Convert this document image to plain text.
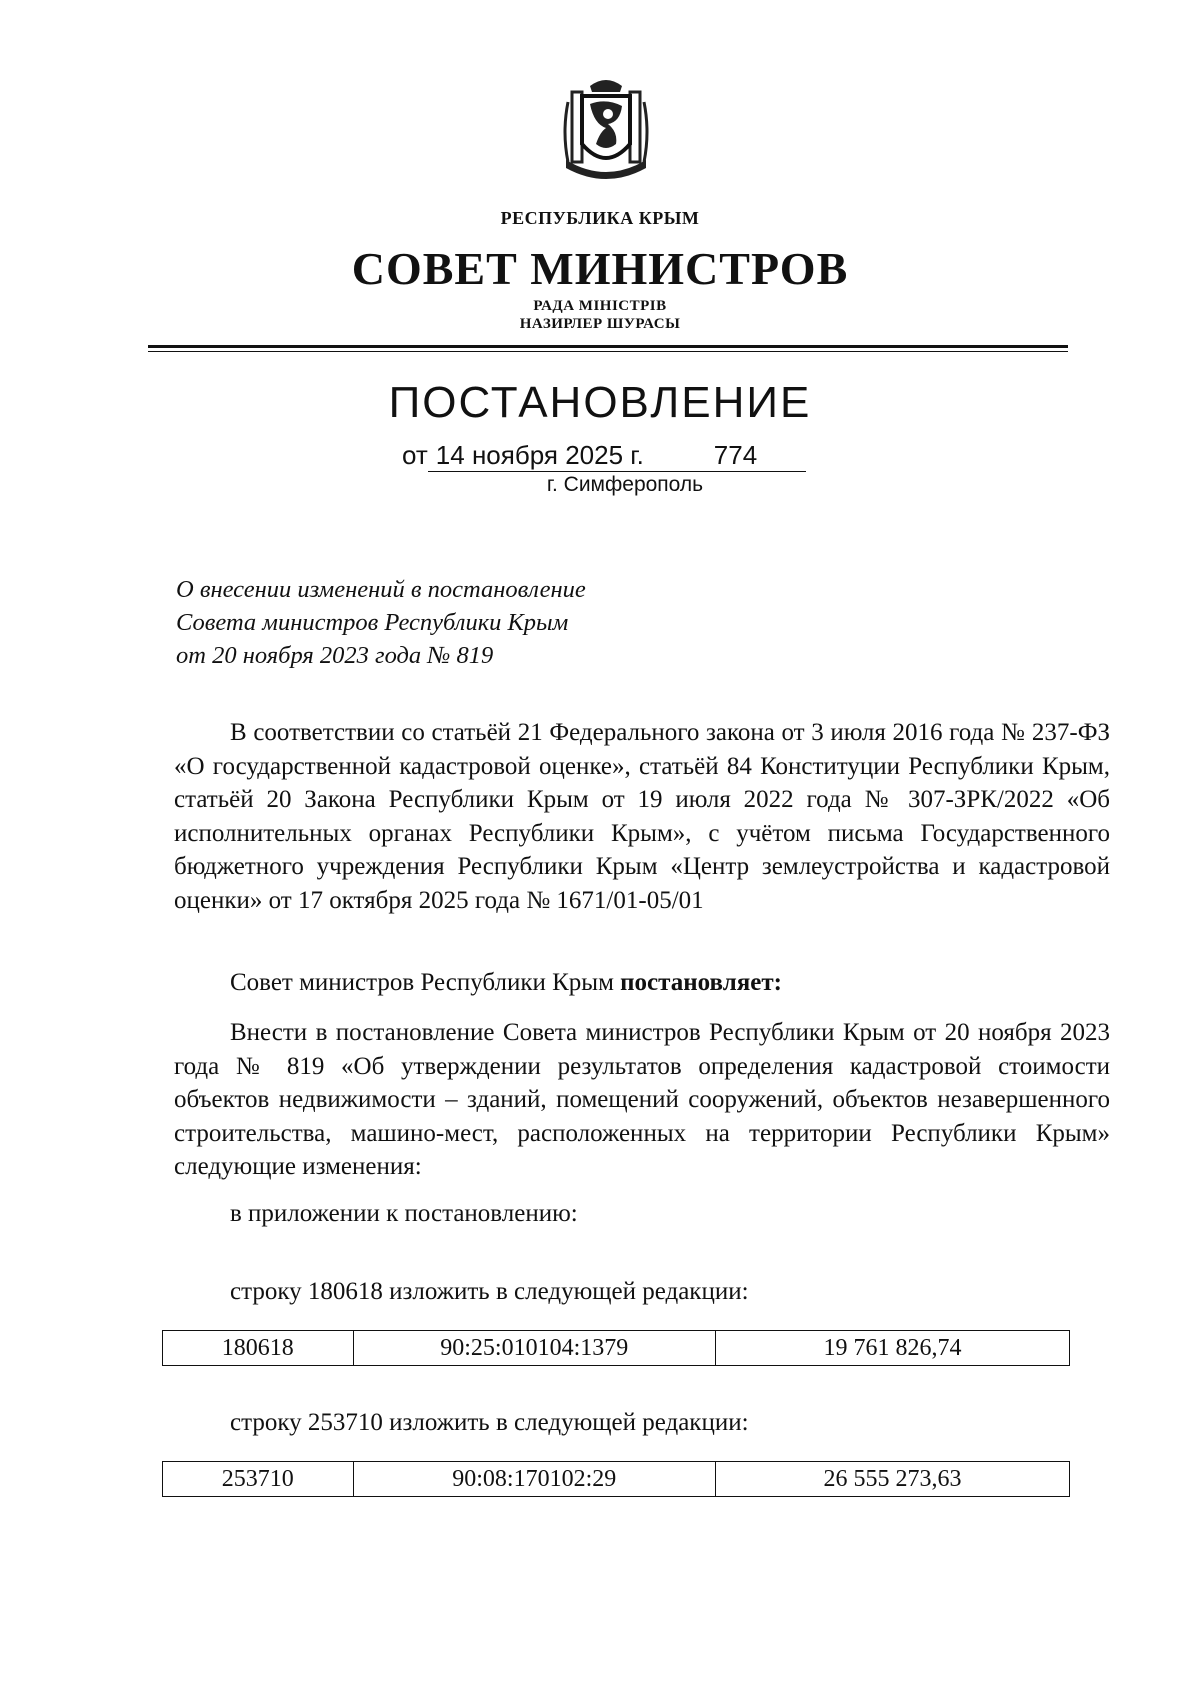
РЕСПУБЛИКА КРЫМ
СОВЕТ МИНИСТРОВ
РАДА МІНІСТРІВ
НАЗИРЛЕР ШУРАСЫ
ПОСТАНОВЛЕНИЕ
от 14 ноября 2025 г.	774
г. Симферополь
О внесении изменений в постановление
Совета министров Республики Крым
от 20 ноября 2023 года № 819
В соответствии со статьёй 21 Федерального закона от 3 июля 2016 года № 237-ФЗ «О государственной кадастровой оценке», статьёй 84 Конституции Республики Крым, статьёй 20 Закона Республики Крым от 19 июля 2022 года № 307-ЗРК/2022 «Об исполнительных органах Республики Крым», с учётом письма Государственного бюджетного учреждения Республики Крым «Центр землеустройства и кадастровой оценки» от 17 октября 2025 года № 1671/01-05/01
Совет министров Республики Крым постановляет:
Внести в постановление Совета министров Республики Крым от 20 ноября 2023 года № 819 «Об утверждении результатов определения кадастровой стоимости объектов недвижимости – зданий, помещений сооружений, объектов незавершенного строительства, машино-мест, расположенных на территории Республики Крым» следующие изменения:
в приложении к постановлению:
строку 180618 изложить в следующей редакции:
180618	90:25:010104:1379	19 761 826,74
строку 253710 изложить в следующей редакции:
253710	90:08:170102:29	26 555 273,63
